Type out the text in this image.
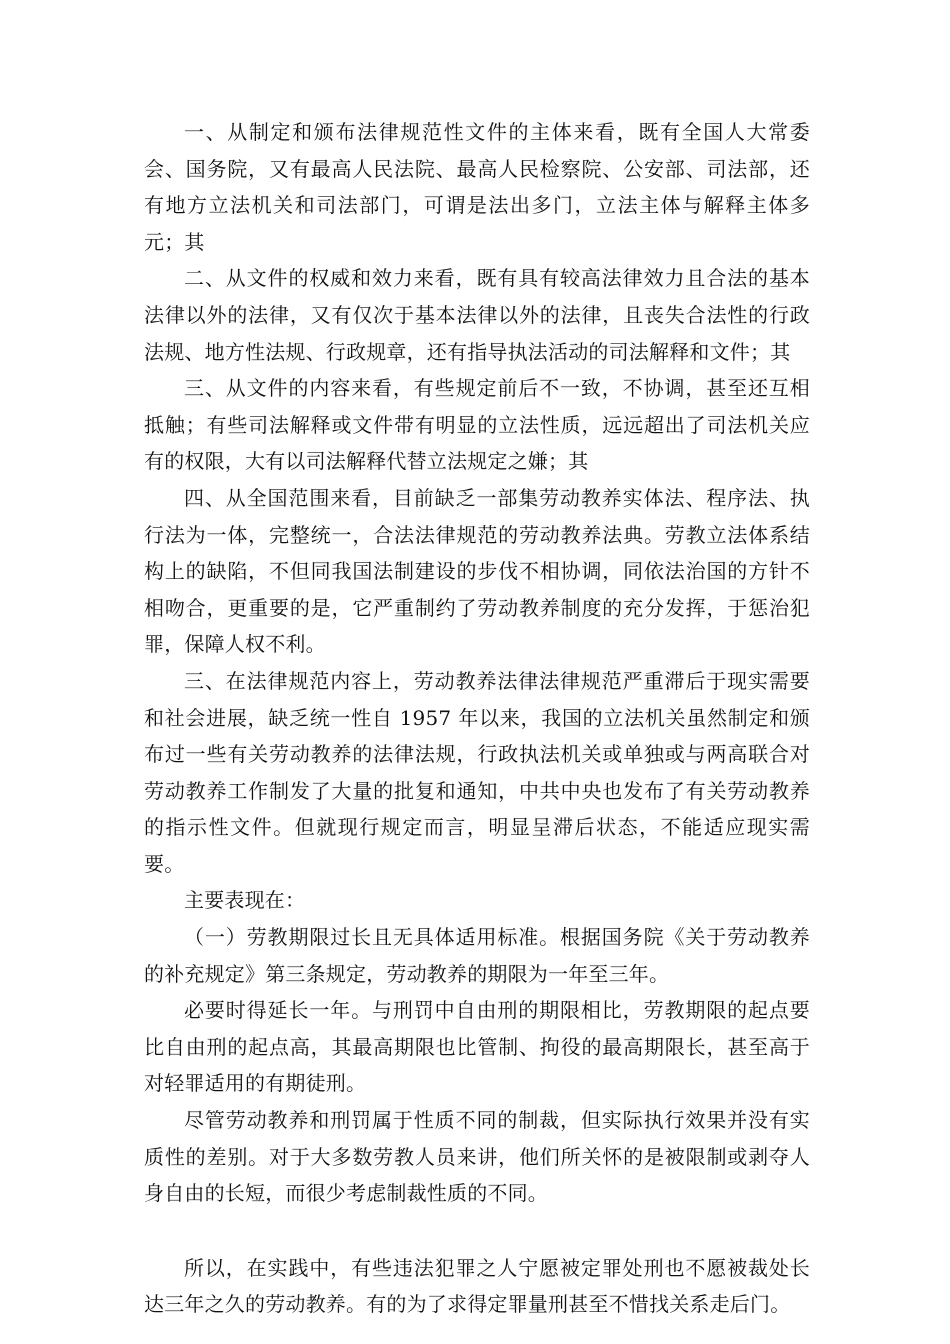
一、从制定和颁布法律规范性文件的主体来看，既有全国人大常委会、国务院，又有最高人民法院、最高人民检察院、公安部、司法部，还有地方立法机关和司法部门，可谓是法出多门，立法主体与解释主体多元；其

二、从文件的权威和效力来看，既有具有较高法律效力且合法的基本法律以外的法律，又有仅次于基本法律以外的法律，且丧失合法性的行政法规、地方性法规、行政规章，还有指导执法活动的司法解释和文件；其

三、从文件的内容来看，有些规定前后不一致，不协调，甚至还互相抵触；有些司法解释或文件带有明显的立法性质，远远超出了司法机关应有的权限，大有以司法解释代替立法规定之嫌；其

四、从全国范围来看，目前缺乏一部集劳动教养实体法、程序法、执行法为一体，完整统一，合法法律规范的劳动教养法典。劳教立法体系结构上的缺陷，不但同我国法制建设的步伐不相协调，同依法治国的方针不相吻合，更重要的是，它严重制约了劳动教养制度的充分发挥，于惩治犯罪，保障人权不利。

三、在法律规范内容上，劳动教养法律法律规范严重滞后于现实需要和社会进展，缺乏统一性自 1957 年以来，我国的立法机关虽然制定和颁布过一些有关劳动教养的法律法规，行政执法机关或单独或与两高联合对劳动教养工作制发了大量的批复和通知，中共中央也发布了有关劳动教养的指示性文件。但就现行规定而言，明显呈滞后状态，不能适应现实需要。

主要表现在：

（一）劳教期限过长且无具体适用标准。根据国务院《关于劳动教养的补充规定》第三条规定，劳动教养的期限为一年至三年。

必要时得延长一年。与刑罚中自由刑的期限相比，劳教期限的起点要比自由刑的起点高，其最高期限也比管制、拘役的最高期限长，甚至高于对轻罪适用的有期徒刑。

尽管劳动教养和刑罚属于性质不同的制裁，但实际执行效果并没有实质性的差别。对于大多数劳教人员来讲，他们所关怀的是被限制或剥夺人身自由的长短，而很少考虑制裁性质的不同。

所以，在实践中，有些违法犯罪之人宁愿被定罪处刑也不愿被裁处长达三年之久的劳动教养。有的为了求得定罪量刑甚至不惜找关系走后门。
